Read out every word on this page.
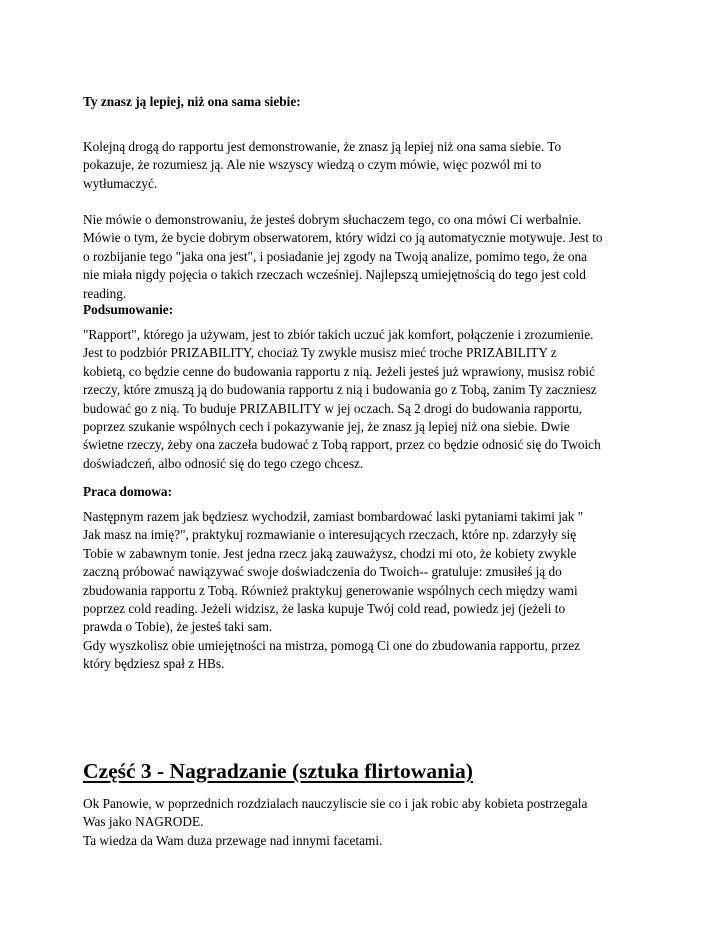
Ty znasz ją lepiej, niż ona sama siebie:
Kolejną drogą do rapportu jest demonstrowanie, że znasz ją lepiej niż ona sama siebie. To
pokazuje, że rozumiesz ją. Ale nie wszyscy wiedzą o czym mówie, więc pozwól mi to
wytłumaczyć.
Nie mówie o demonstrowaniu, że jesteś dobrym słuchaczem tego, co ona mówi Ci werbalnie.
Mówie o tym, że bycie dobrym obserwatorem, który widzi co ją automatycznie motywuje. Jest to
o rozbijanie tego "jaka ona jest", i posiadanie jej zgody na Twoją analize, pomimo tego, że ona
nie miała nigdy pojęcia o takich rzeczach wcześniej. Najlepszą umiejętnością do tego jest cold
reading.
Podsumowanie:
"Rapport", którego ja używam, jest to zbiór takich uczuć jak komfort, połączenie i zrozumienie.
Jest to podzbiór PRIZABILITY, chociaż Ty zwykle musisz mieć troche PRIZABILITY z
kobietą, co będzie cenne do budowania rapportu z nią. Jeżeli jesteś już wprawiony, musisz robić
rzeczy, które zmuszą ją do budowania rapportu z nią i budowania go z Tobą, zanim Ty zaczniesz
budować go z nią. To buduje PRIZABILITY w jej oczach. Są 2 drogi do budowania rapportu,
poprzez szukanie wspólnych cech i pokazywanie jej, że znasz ją lepiej niż ona siebie. Dwie
świetne rzeczy, żeby ona zaczeła budować z Tobą rapport, przez co będzie odnosić się do Twoich
doświadczeń, albo odnosić się do tego czego chcesz.
Praca domowa:
Następnym razem jak będziesz wychodził, zamiast bombardować laski pytaniami takimi jak "
Jak masz na imię?", praktykuj rozmawianie o interesujących rzeczach, które np. zdarzyły się
Tobie w zabawnym tonie. Jest jedna rzecz jaką zauważysz, chodzi mi oto, że kobiety zwykle
zaczną próbować nawiązywać swoje doświadczenia do Twoich-- gratuluje: zmusiłeś ją do
zbudowania rapportu z Tobą. Również praktykuj generowanie wspólnych cech między wami
poprzez cold reading. Jeżeli widzisz, że laska kupuje Twój cold read, powiedz jej (jeżeli to
prawda o Tobie), że jesteś taki sam.
Gdy wyszkolisz obie umiejętności na mistrza, pomogą Ci one do zbudowania rapportu, przez
który będziesz spał z HBs.
Część 3 - Nagradzanie (sztuka flirtowania)
Ok Panowie, w poprzednich rozdzialach nauczyliscie sie co i jak robic aby kobieta postrzegala
Was jako NAGRODE.
Ta wiedza da Wam duza przewage nad innymi facetami.
